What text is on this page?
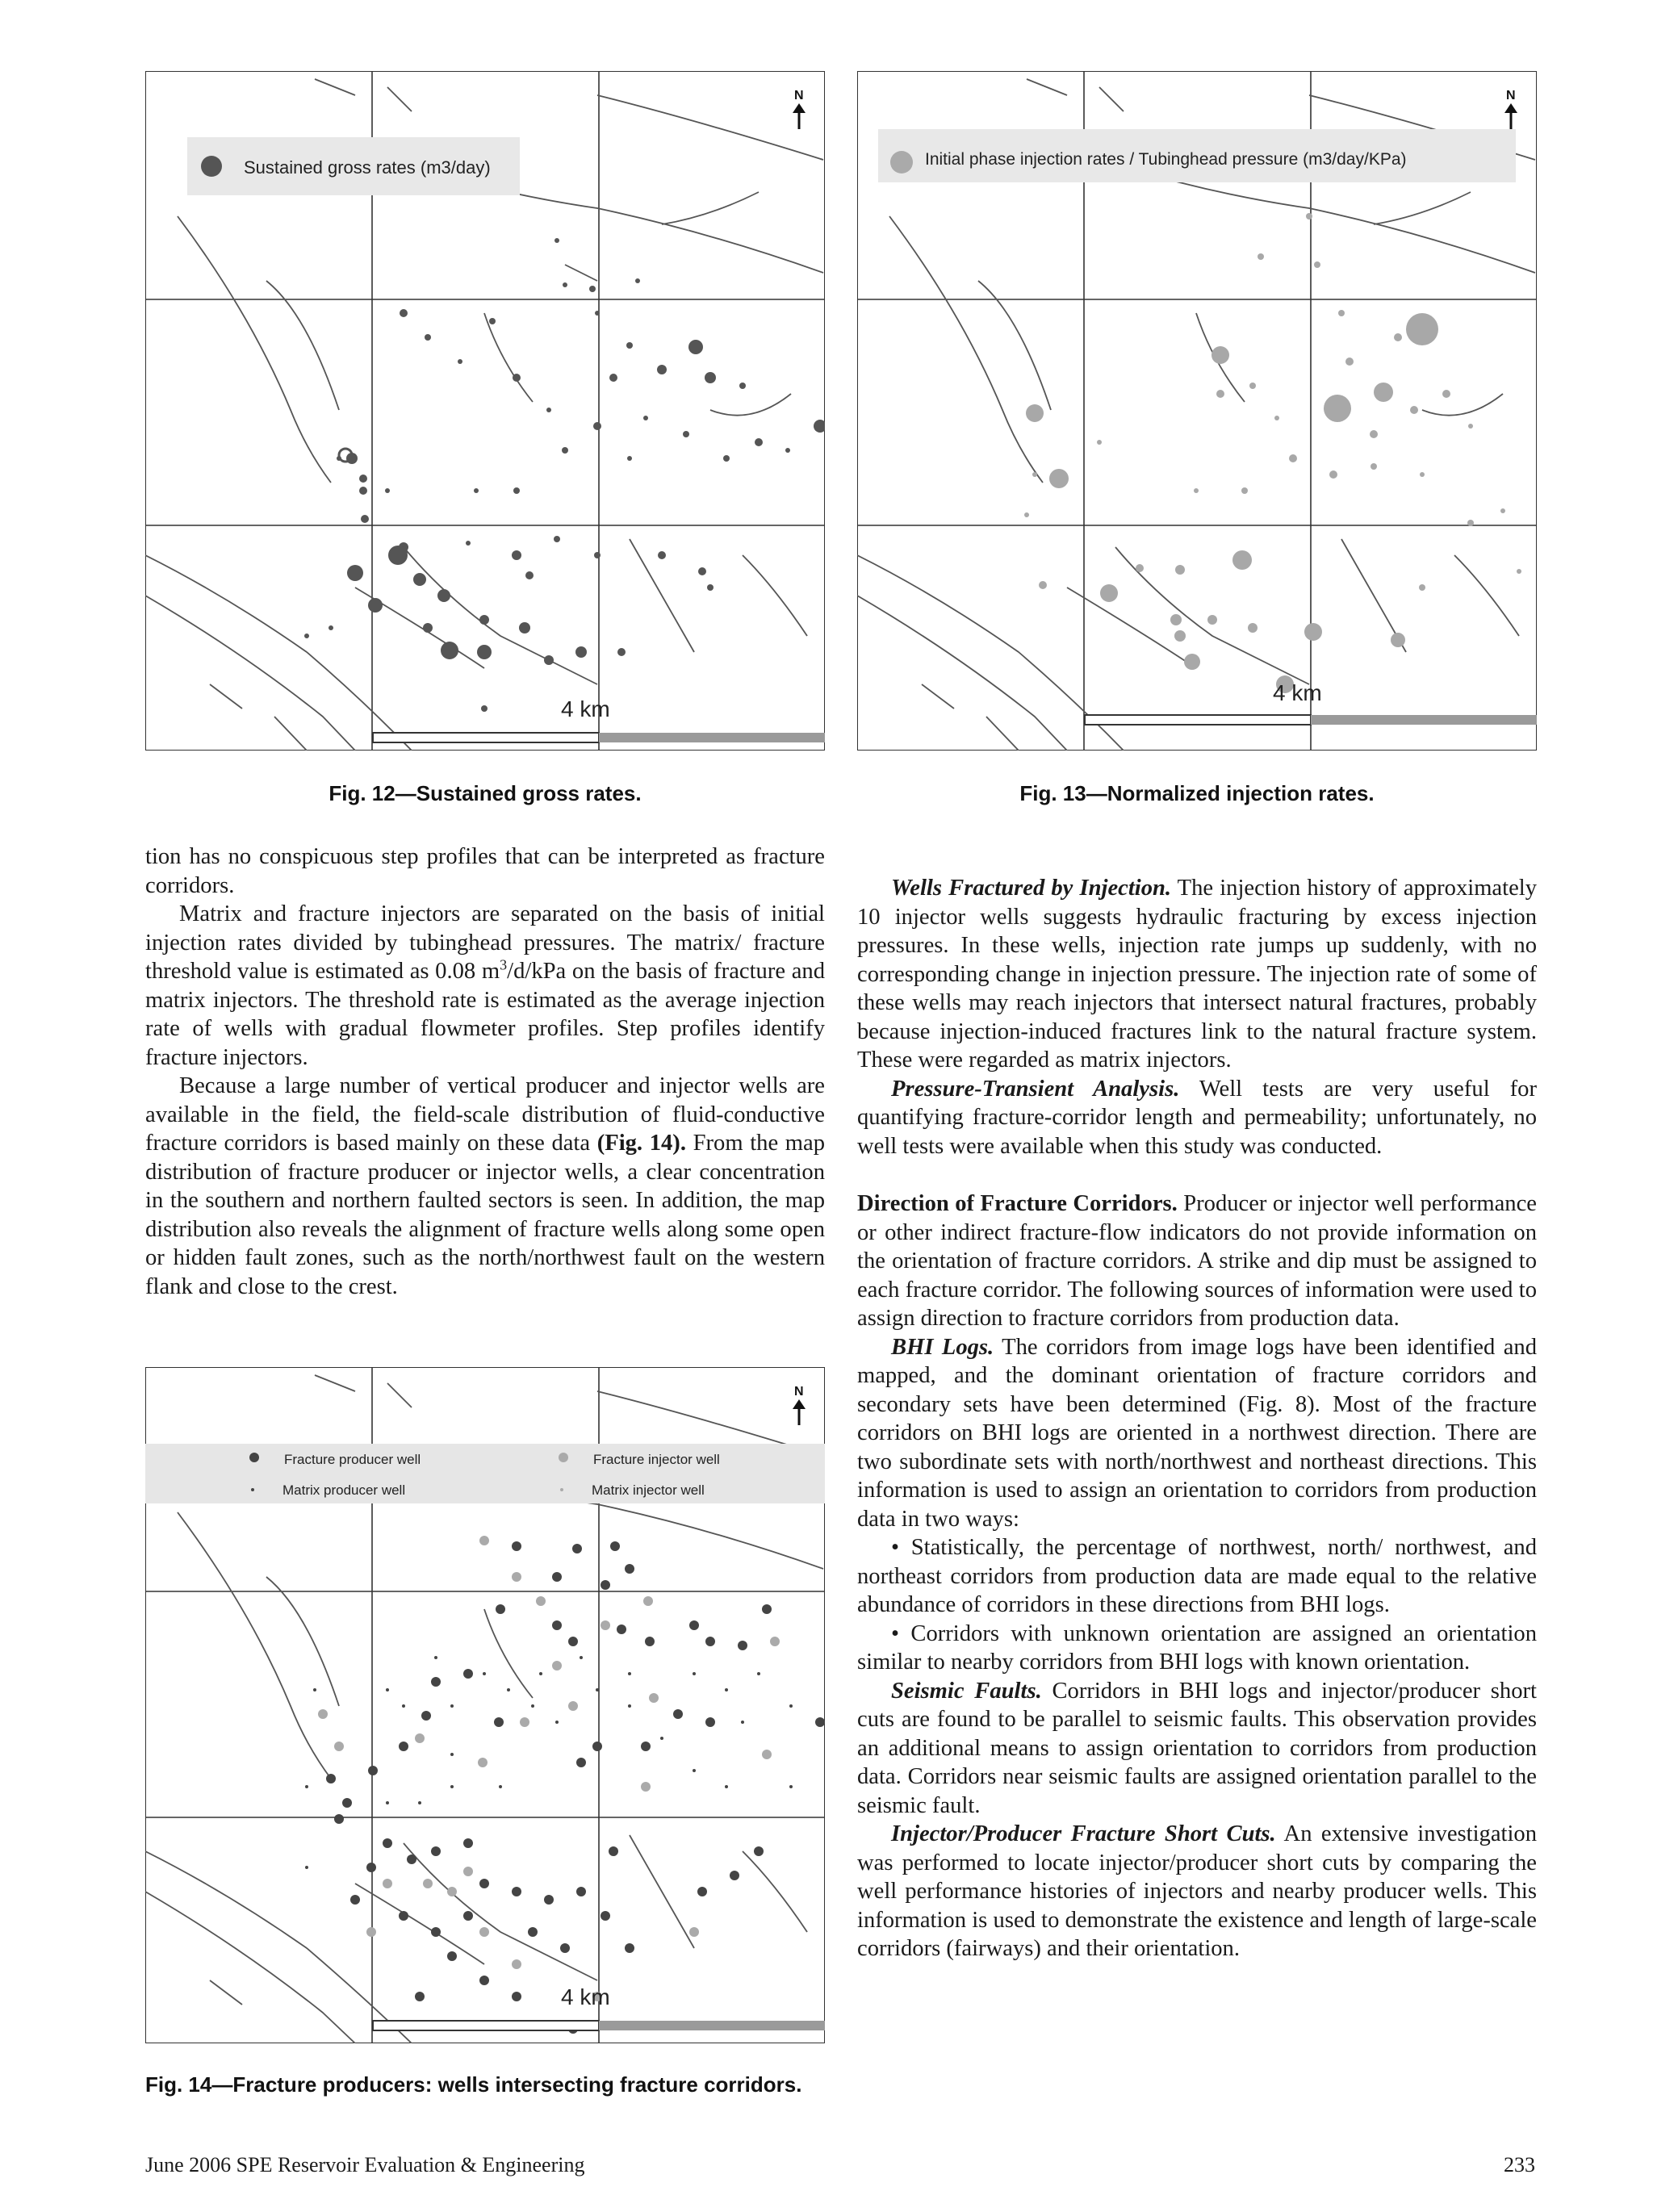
Sustained gross rates (m3/day)
N
4 km
Fig. 12—Sustained gross rates.
Initial phase injection rates / Tubinghead pressure (m3/day/KPa)
N
4 km
Fig. 13—Normalized injection rates.

tion has no conspicuous step profiles that can be interpreted as fracture corridors.

Matrix and fracture injectors are separated on the basis of initial injection rates divided by tubinghead pressures. The matrix/ fracture threshold value is estimated as 0.08 $m^3/d$/kPa on the basis of fracture and matrix injectors. The threshold rate is estimated as the average injection rate of wells with gradual flowmeter profiles. Step profiles identify fracture injectors.

Because a large number of vertical producer and injector wells are available in the field, the field-scale distribution of fluid-conductive fracture corridors is based mainly on these data (Fig. 14). From the map distribution of fracture producer or injector wells, a clear concentration in the southern and northern faulted sectors is seen. In addition, the map distribution also reveals the alignment of fracture wells along some open or hidden fault zones, such as the north/northwest fault on the western flank and close to the crest.

Fracture producer well
Matrix producer well
Fracture injector well
Matrix injector well
N
4 km
Fig. 14—Fracture producers: wells intersecting fracture corridors.

Wells Fractured by Injection. The injection history of approximately 10 injector wells suggests hydraulic fracturing by excess injection pressures. In these wells, injection rate jumps up suddenly, with no corresponding change in injection pressure. The injection rate of some of these wells may reach injectors that intersect natural fractures, probably because injection-induced fractures link to the natural fracture system. These were regarded as matrix injectors.

Pressure-Transient Analysis. Well tests are very useful for quantifying fracture-corridor length and permeability; unfortunately, no well tests were available when this study was conducted.

Direction of Fracture Corridors. Producer or injector well performance or other indirect fracture-flow indicators do not provide information on the orientation of fracture corridors. A strike and dip must be assigned to each fracture corridor. The following sources of information were used to assign direction to fracture corridors from production data.

BHI Logs. The corridors from image logs have been identified and mapped, and the dominant orientation of fracture corridors and secondary sets have been determined (Fig. 8). Most of the fracture corridors on BHI logs are oriented in a northwest direction. There are two subordinate sets with north/northwest and northeast directions. This information is used to assign an orientation to corridors from production data in two ways:

• Statistically, the percentage of northwest, north/ northwest, and northeast corridors from production data are made equal to the relative abundance of corridors in these directions from BHI logs.

• Corridors with unknown orientation are assigned an orientation similar to nearby corridors from BHI logs with known orientation.

Seismic Faults. Corridors in BHI logs and injector/producer short cuts are found to be parallel to seismic faults. This observation provides an additional means to assign orientation to corridors from production data. Corridors near seismic faults are assigned orientation parallel to the seismic fault.

Injector/Producer Fracture Short Cuts. An extensive investigation was performed to locate injector/producer short cuts by comparing the well performance histories of injectors and nearby producer wells. This information is used to demonstrate the existence and length of large-scale corridors (fairways) and their orientation.

June 2006 SPE Reservoir Evaluation & Engineering	233
